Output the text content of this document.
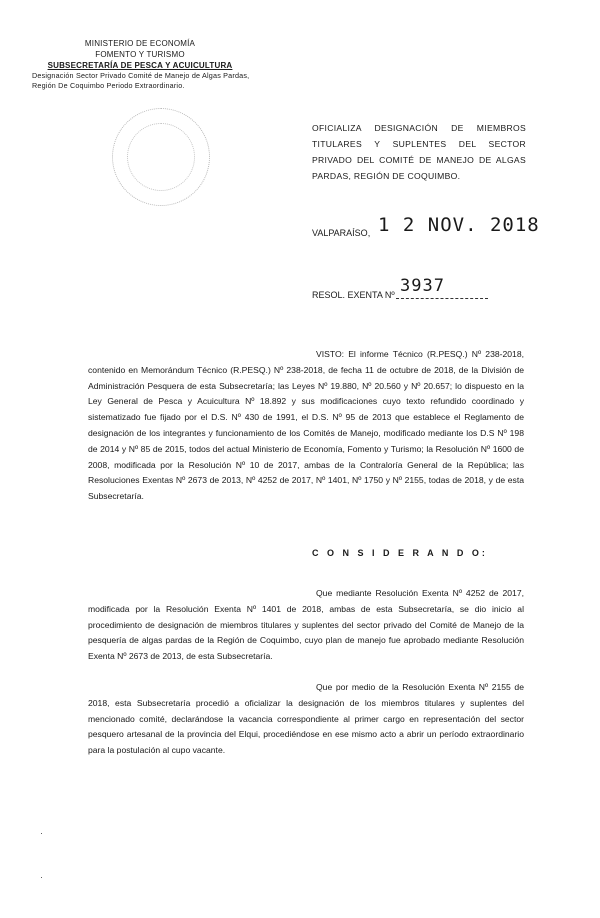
MINISTERIO DE ECONOMÍA
FOMENTO Y TURISMO
SUBSECRETARÍA DE PESCA Y ACUICULTURA
Designación Sector Privado Comité de Manejo de Algas Pardas,
Región De Coquimbo Periodo Extraordinario.
OFICIALIZA DESIGNACIÓN DE MIEMBROS TITULARES Y SUPLENTES DEL SECTOR PRIVADO DEL COMITÉ DE MANEJO DE ALGAS PARDAS, REGIÓN DE COQUIMBO.
VALPARAÍSO, 1 2 NOV. 2018
RESOL. EXENTA Nº 3937
VISTO: El informe Técnico (R.PESQ.) Nº 238-2018, contenido en Memorándum Técnico (R.PESQ.) Nº 238-2018, de fecha 11 de octubre de 2018, de la División de Administración Pesquera de esta Subsecretaría; las Leyes Nº 19.880, Nº 20.560 y Nº 20.657; lo dispuesto en la Ley General de Pesca y Acuicultura Nº 18.892 y sus modificaciones cuyo texto refundido coordinado y sistematizado fue fijado por el D.S. Nº 430 de 1991, el D.S. Nº 95 de 2013 que establece el Reglamento de designación de los integrantes y funcionamiento de los Comités de Manejo, modificado mediante los D.S Nº 198 de 2014 y Nº 85 de 2015, todos del actual Ministerio de Economía, Fomento y Turismo; la Resolución Nº 1600 de 2008, modificada por la Resolución Nº 10 de 2017, ambas de la Contraloría General de la República; las Resoluciones Exentas Nº 2673 de 2013, Nº 4252 de 2017, Nº 1401, Nº 1750 y Nº 2155, todas de 2018, y de esta Subsecretaría.
C O N S I D E R A N D O:
Que mediante Resolución Exenta Nº 4252 de 2017, modificada por la Resolución Exenta Nº 1401 de 2018, ambas de esta Subsecretaría, se dio inicio al procedimiento de designación de miembros titulares y suplentes del sector privado del Comité de Manejo de la pesquería de algas pardas de la Región de Coquimbo, cuyo plan de manejo fue aprobado mediante Resolución Exenta Nº 2673 de 2013, de esta Subsecretaría.
Que por medio de la Resolución Exenta Nº 2155 de 2018, esta Subsecretaría procedió a oficializar la designación de los miembros titulares y suplentes del mencionado comité, declarándose la vacancia correspondiente al primer cargo en representación del sector pesquero artesanal de la provincia del Elqui, procediéndose en ese mismo acto a abrir un período extraordinario para la postulación al cupo vacante.
·
·
